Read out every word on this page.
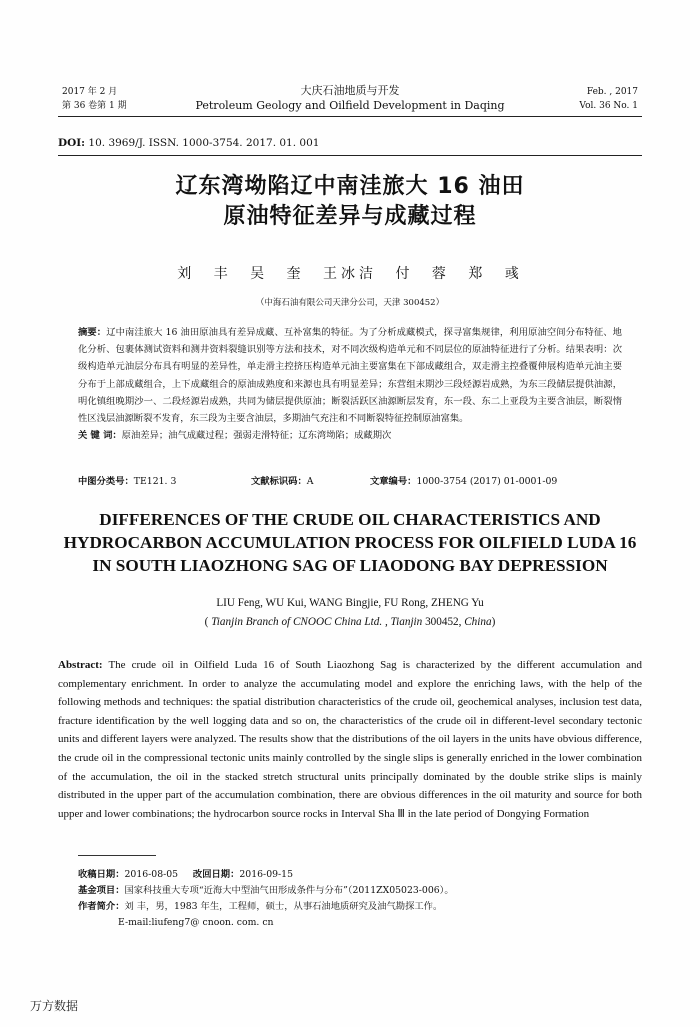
2017 年 2 月
第 36 卷第 1 期
大庆石油地质与开发
Petroleum Geology and Oilfield Development in Daqing
Feb. , 2017
Vol. 36 No. 1
DOI: 10. 3969/J. ISSN. 1000-3754. 2017. 01. 001
辽东湾坳陷辽中南洼旅大 16 油田
原油特征差异与成藏过程
刘 丰 吴 奎 王冰洁 付 蓉 郑 彧
（中海石油有限公司天津分公司，天津 300452）
摘要：辽中南洼旅大 16 油田原油具有差异成藏、互补富集的特征。为了分析成藏模式，探寻富集规律，利用原油空间分布特征、地化分析、包裹体测试资料和测井资料裂缝识别等方法和技术，对不同次级构造单元和不同层位的原油特征进行了分析。结果表明：次级构造单元油层分布具有明显的差异性，单走滑主控挤压构造单元油主要富集在下部成藏组合，双走滑主控叠覆伸展构造单元油主要分布于上部成藏组合，上下成藏组合的原油成熟度和来源也具有明显差异；东营组末期沙三段烃源岩成熟，为东三段储层提供油源，明化镇组晚期沙一、二段烃源岩成熟，共同为储层提供原油；断裂活跃区油源断层发育，东一段、东二上亚段为主要含油层，断裂惰性区浅层油源断裂不发育，东三段为主要含油层，多期油气充注和不同断裂特征控制原油富集。
关 键 词：原油差异；油气成藏过程；强弱走滑特征；辽东湾坳陷；成藏期次
中图分类号：TE121. 3	文献标识码：A	文章编号：1000-3754 (2017) 01-0001-09
DIFFERENCES OF THE CRUDE OIL CHARACTERISTICS AND
HYDROCARBON ACCUMULATION PROCESS FOR OILFIELD LUDA 16
IN SOUTH LIAOZHONG SAG OF LIAODONG BAY DEPRESSION
LIU Feng, WU Kui, WANG Bingjie, FU Rong, ZHENG Yu
( Tianjin Branch of CNOOC China Ltd. , Tianjin 300452, China)
Abstract: The crude oil in Oilfield Luda 16 of South Liaozhong Sag is characterized by the different accumulation and complementary enrichment. In order to analyze the accumulating model and explore the enriching laws, with the help of the following methods and techniques: the spatial distribution characteristics of the crude oil, geochemical analyses, inclusion test data, fracture identification by the well logging data and so on, the characteristics of the crude oil in different-level secondary tectonic units and different layers were analyzed. The results show that the distributions of the oil layers in the units have obvious difference, the crude oil in the compressional tectonic units mainly controlled by the single slips is generally enriched in the lower combination of the accumulation, the oil in the stacked stretch structural units principally dominated by the double strike slips is mainly distributed in the upper part of the accumulation combination, there are obvious differences in the oil maturity and source for both upper and lower combinations; the hydrocarbon source rocks in Interval Sha Ⅲ in the late period of Dongying Formation
收稿日期：2016-08-05 改回日期：2016-09-15
基金项目：国家科技重大专项“近海大中型油气田形成条件与分布”（2011ZX05023-006）。
作者简介：刘 丰，男，1983 年生，工程师，硕士，从事石油地质研究及油气勘探工作。
E-mail:liufeng7@ cnoon. com. cn
万方数据
